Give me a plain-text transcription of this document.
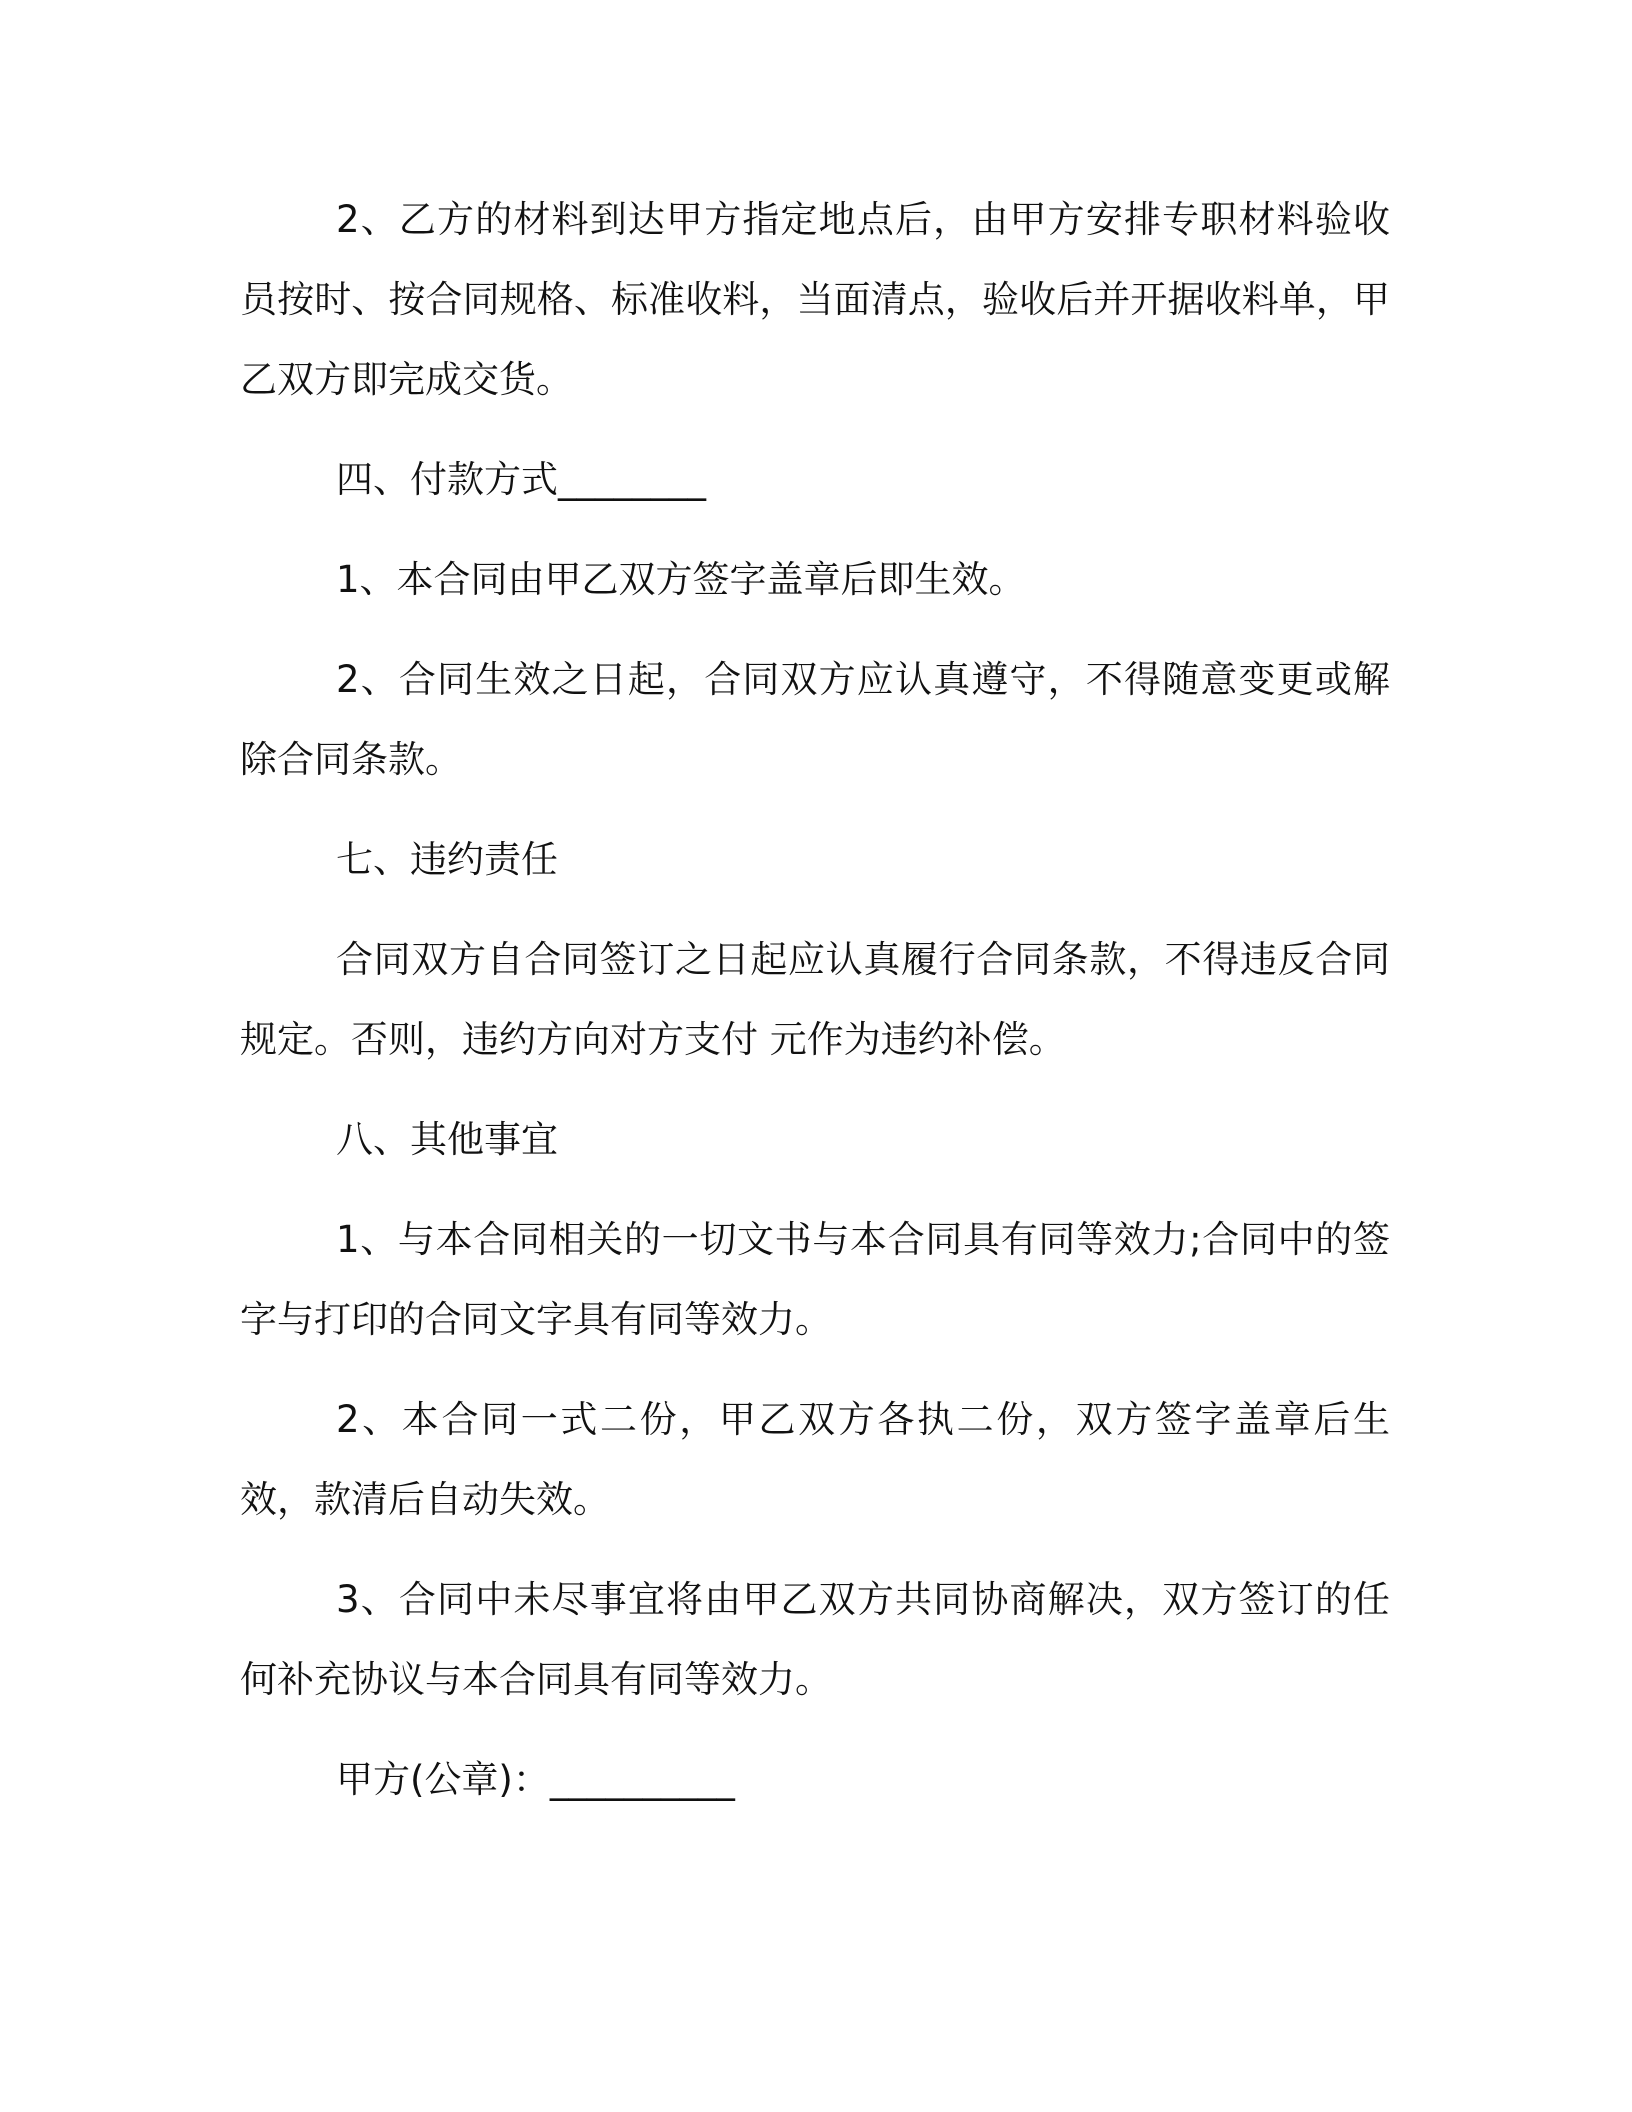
2、乙方的材料到达甲方指定地点后，由甲方安排专职材料验收员按时、按合同规格、标准收料，当面清点，验收后并开据收料单，甲乙双方即完成交货。

四、付款方式________

1、本合同由甲乙双方签字盖章后即生效。

2、合同生效之日起，合同双方应认真遵守，不得随意变更或解除合同条款。

七、违约责任

合同双方自合同签订之日起应认真履行合同条款，不得违反合同规定。否则，违约方向对方支付 元作为违约补偿。

八、其他事宜

1、与本合同相关的一切文书与本合同具有同等效力;合同中的签字与打印的合同文字具有同等效力。

2、本合同一式二份，甲乙双方各执二份，双方签字盖章后生效，款清后自动失效。

3、合同中未尽事宜将由甲乙双方共同协商解决，双方签订的任何补充协议与本合同具有同等效力。

甲方(公章)：__________
